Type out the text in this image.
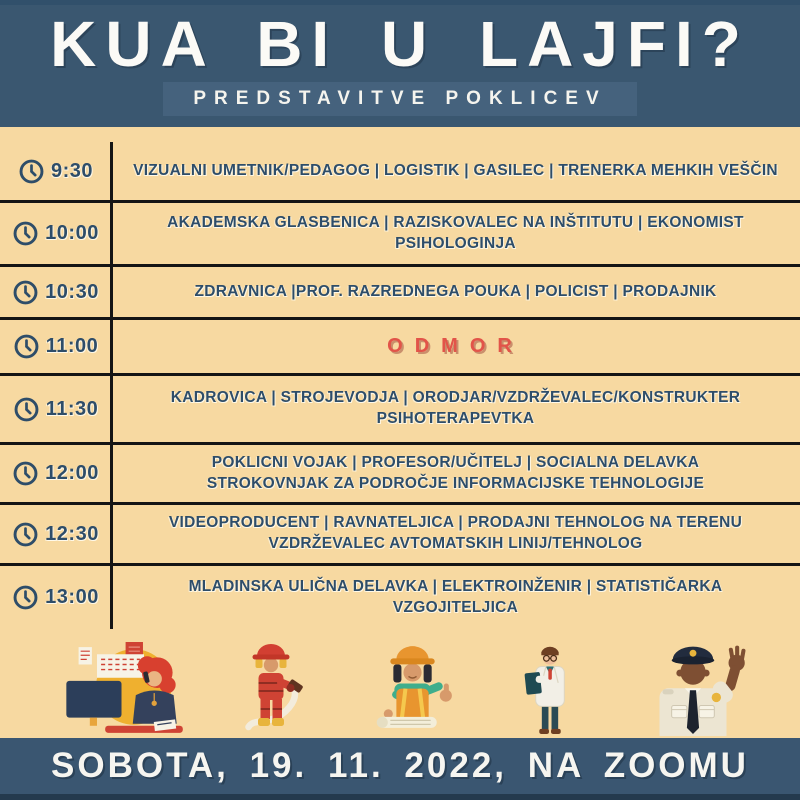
KUA BI U LAJFI?
PREDSTAVITVE POKLICEV
9:30	VIZUALNI UMETNIK/PEDAGOG | LOGISTIK | GASILEC | TRENERKA MEHKIH VEŠČIN
10:00	AKADEMSKA GLASBENICA | RAZISKOVALEC NA INŠTITUTU | EKONOMIST
PSIHOLOGINJA
10:30	ZDRAVNICA |PROF. RAZREDNEGA POUKA | POLICIST | PRODAJNIK
11:00	ODMOR
11:30	KADROVICA | STROJEVODJA | ORODJAR/VZDRŽEVALEC/KONSTRUKTER
PSIHOTERAPEVTKA
12:00	POKLICNI VOJAK | PROFESOR/UČITELJ | SOCIALNA DELAVKA
STROKOVNJAK ZA PODROČJE INFORMACIJSKE TEHNOLOGIJE
12:30	VIDEOPRODUCENT | RAVNATELJICA | PRODAJNI TEHNOLOG NA TERENU
VZDRŽEVALEC AVTOMATSKIH LINIJ/TEHNOLOG
13:00	MLADINSKA ULIČNA DELAVKA | ELEKTROINŽENIR | STATISTIČARKA
VZGOJITELJICA
SOBOTA, 19. 11. 2022, NA ZOOMU
